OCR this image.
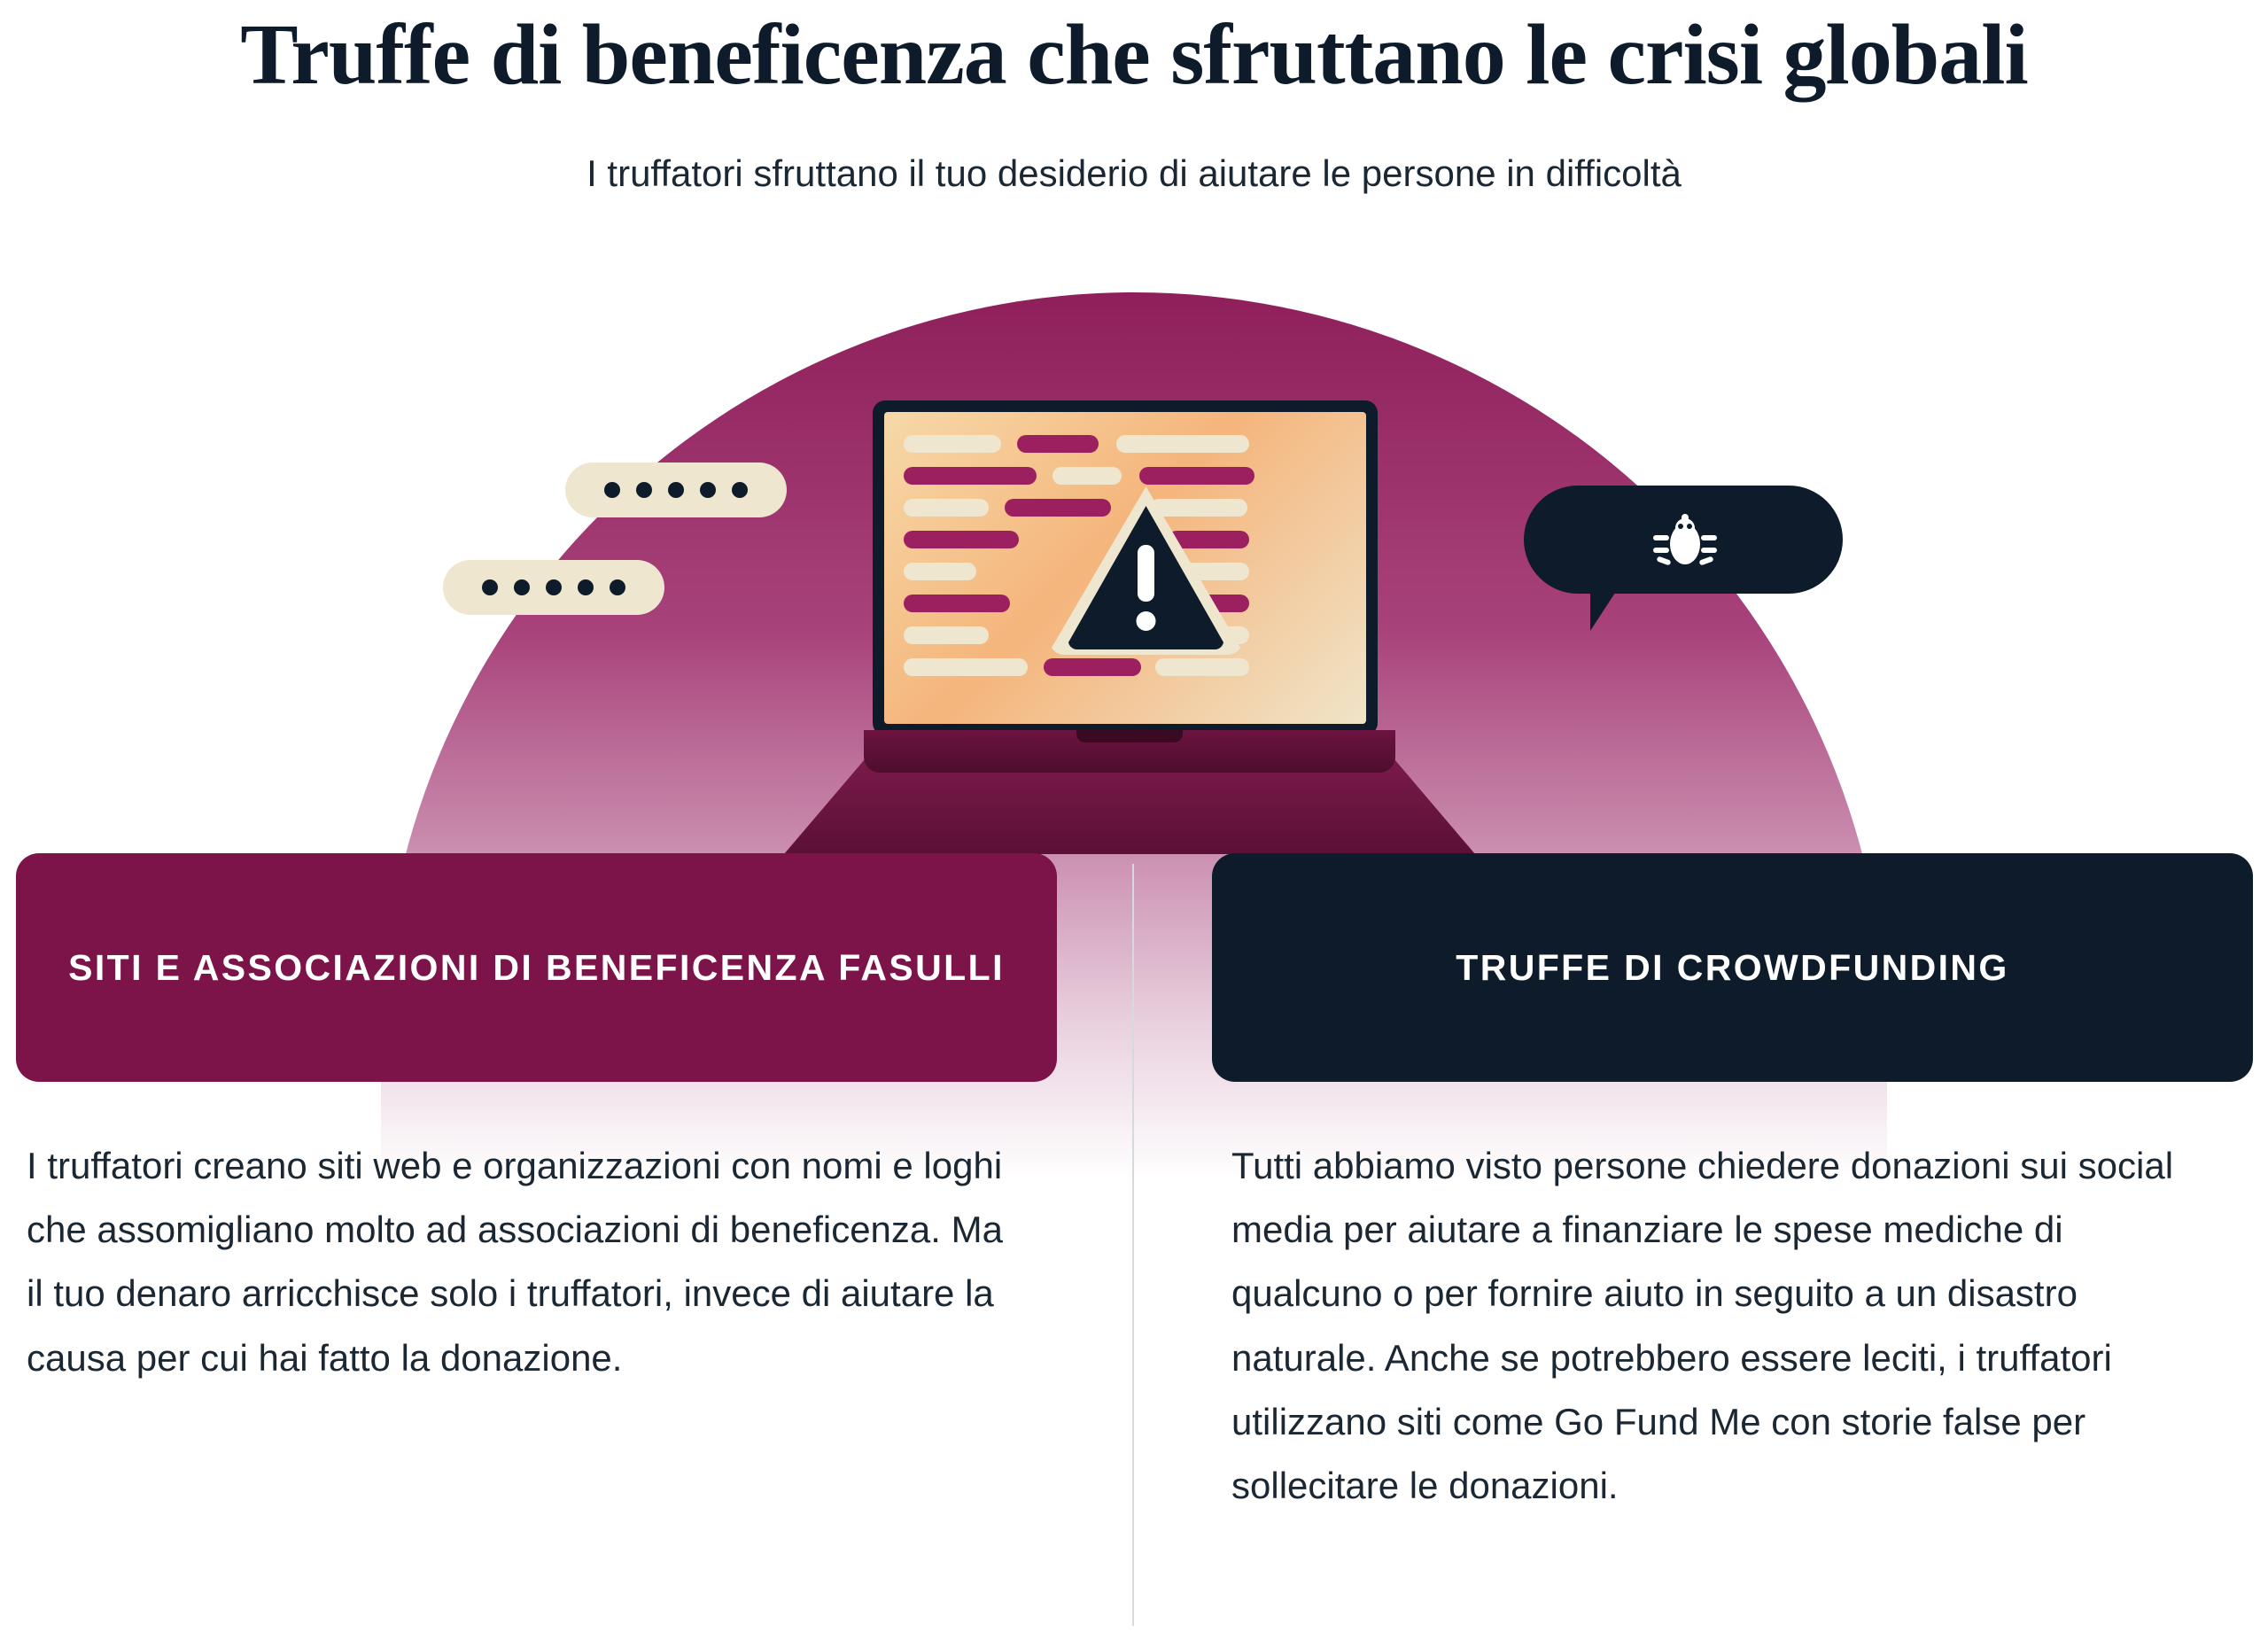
Truffe di beneficenza che sfruttano le crisi globali
I truffatori sfruttano il tuo desiderio di aiutare le persone in difficoltà
SITI E ASSOCIAZIONI DI BENEFICENZA FASULLI	TRUFFE DI CROWDFUNDING
I truffatori creano siti web e organizzazioni con nomi e loghi che assomigliano molto ad associazioni di beneficenza. Ma il tuo denaro arricchisce solo i truffatori, invece di aiutare la causa per cui hai fatto la donazione.
Tutti abbiamo visto persone chiedere donazioni sui social media per aiutare a finanziare le spese mediche di qualcuno o per fornire aiuto in seguito a un disastro naturale. Anche se potrebbero essere leciti, i truffatori utilizzano siti come Go Fund Me con storie false per sollecitare le donazioni.
